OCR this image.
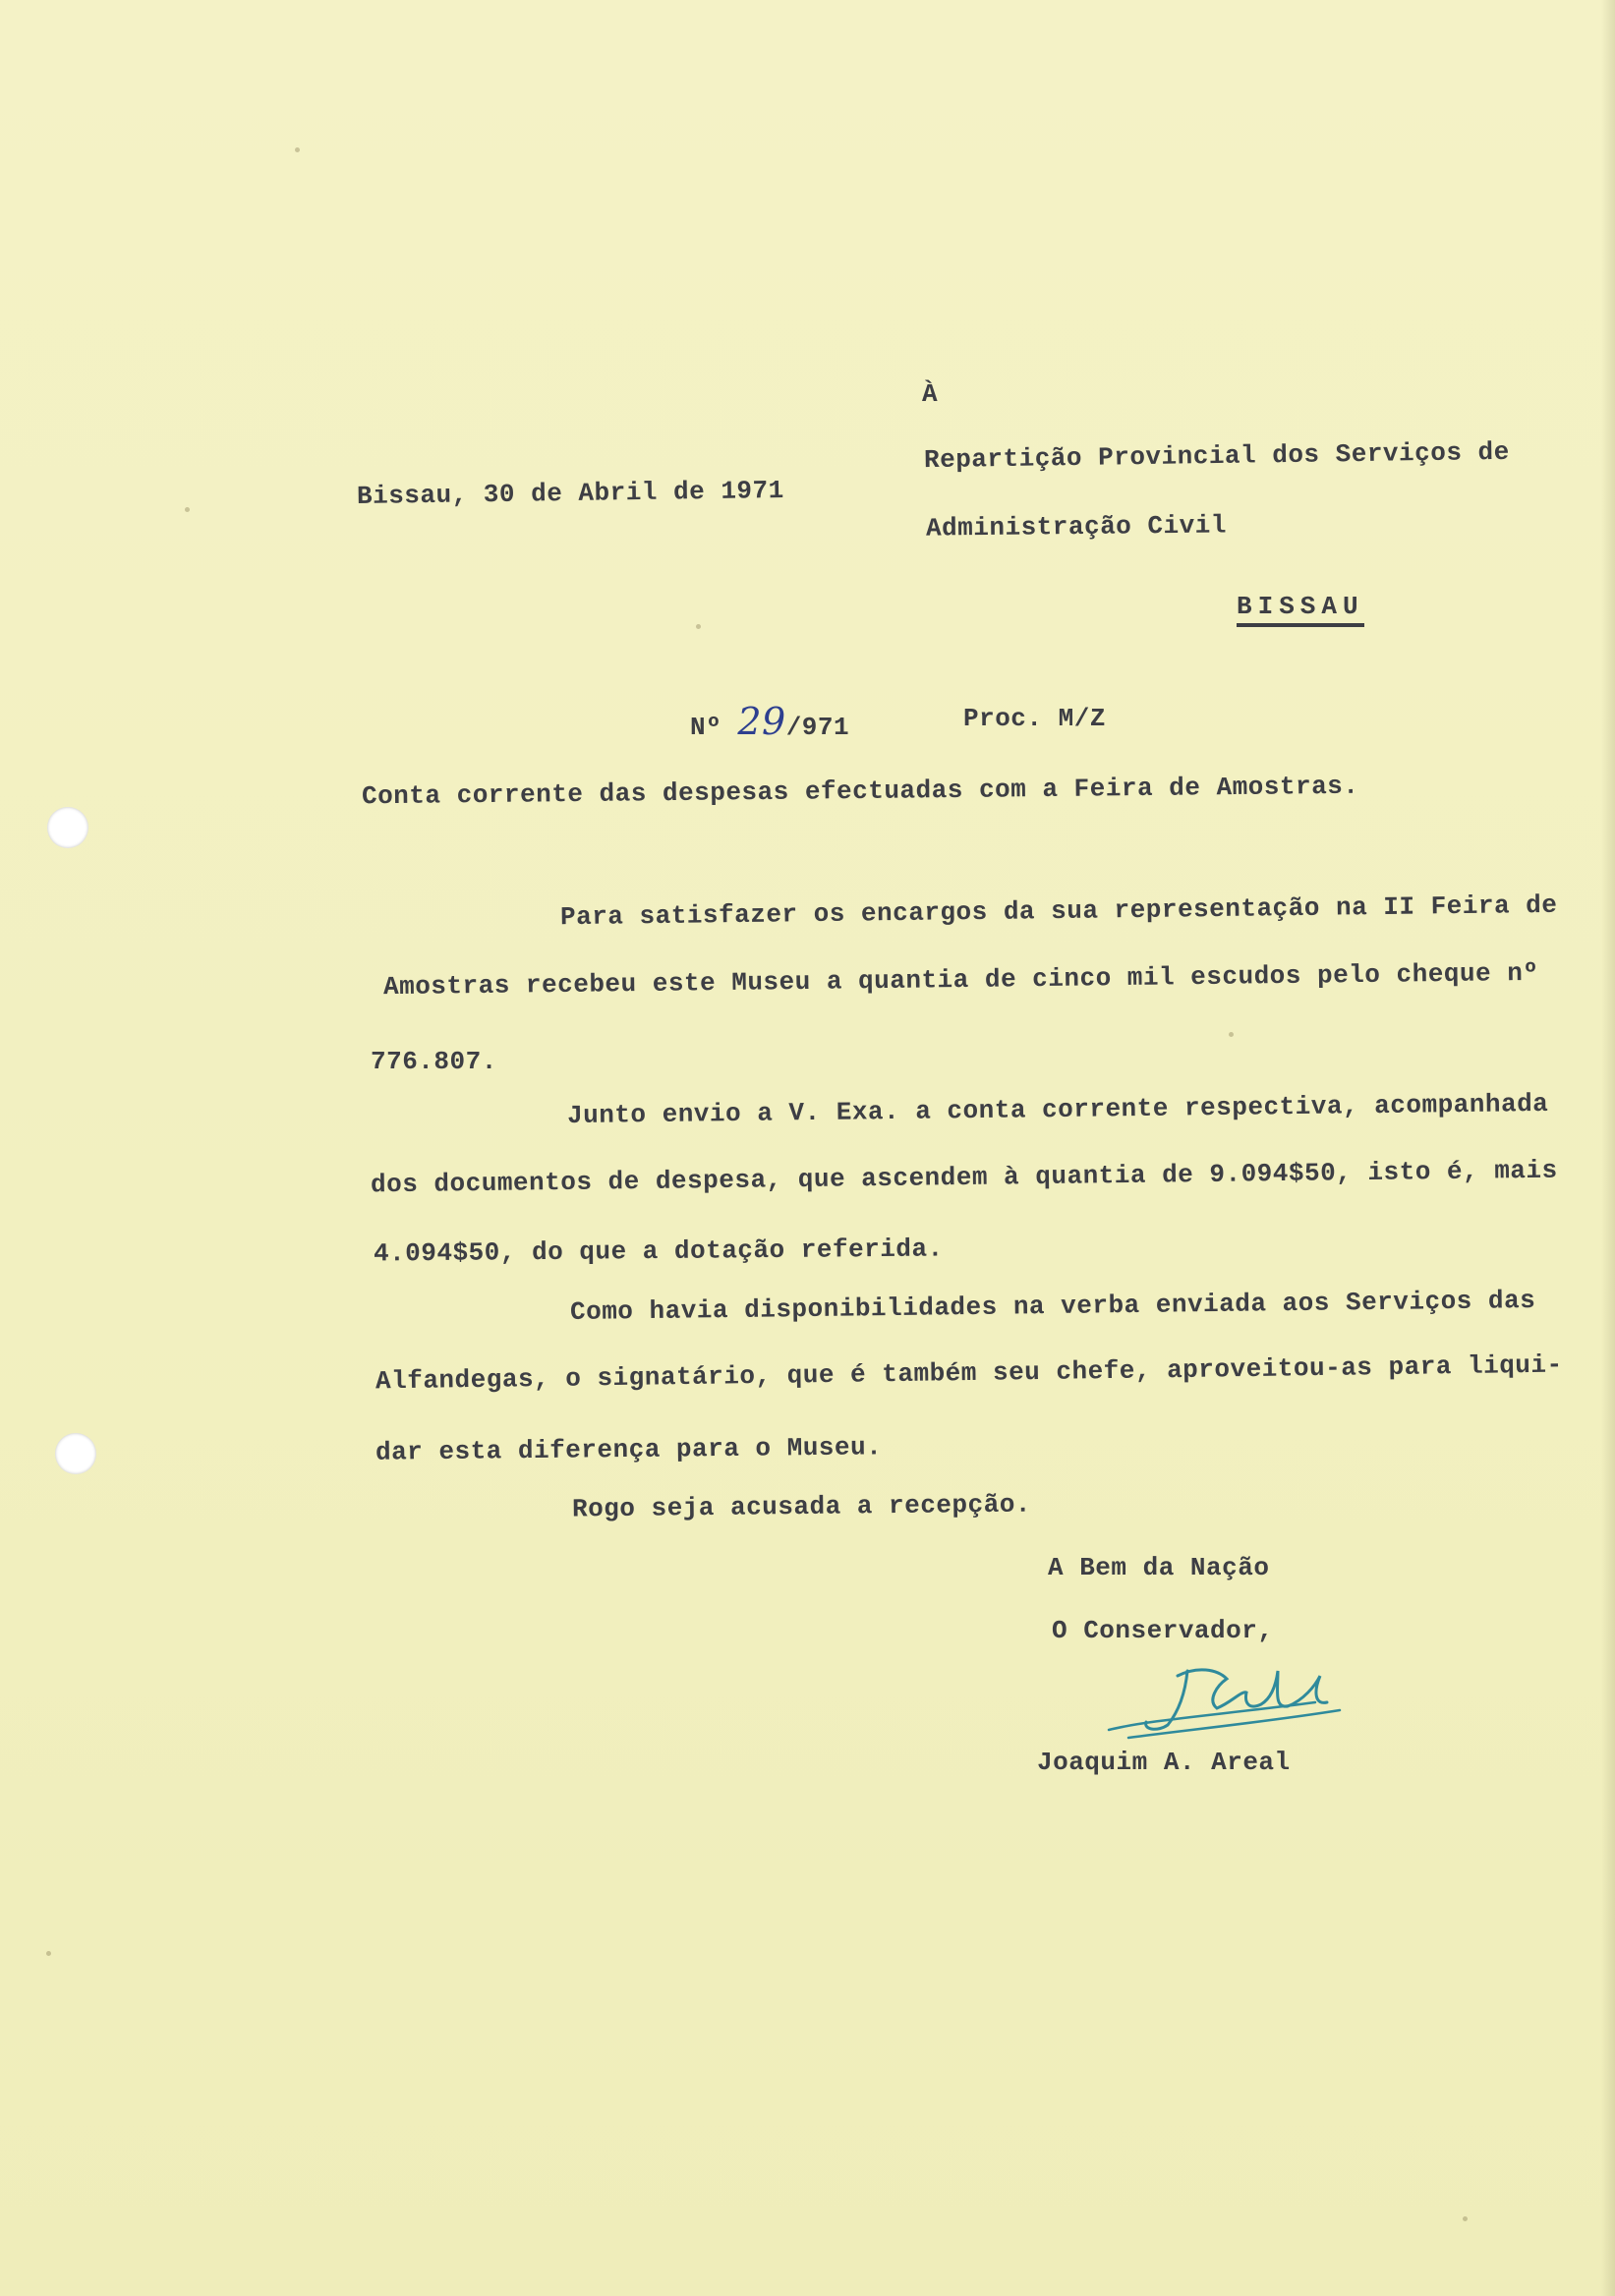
À
Bissau, 30 de Abril de 1971
Repartição Provincial dos Serviços de
Administração Civil
BISSAU
Nº 29/971	Proc. M/Z
Conta corrente das despesas efectuadas com a Feira de Amostras.
Para satisfazer os encargos da sua representação na II Feira de
Amostras recebeu este Museu a quantia de cinco mil escudos pelo cheque nº
776.807.
Junto envio a V. Exa. a conta corrente respectiva, acompanhada
dos documentos de despesa, que ascendem à quantia de 9.094$50, isto é, mais
4.094$50, do que a dotação referida.
Como havia disponibilidades na verba enviada aos Serviços das
Alfandegas, o signatário, que é também seu chefe, aproveitou-as para liqui-
dar esta diferença para o Museu.
Rogo seja acusada a recepção.
A Bem da Nação
O Conservador,
Joaquim A. Areal
